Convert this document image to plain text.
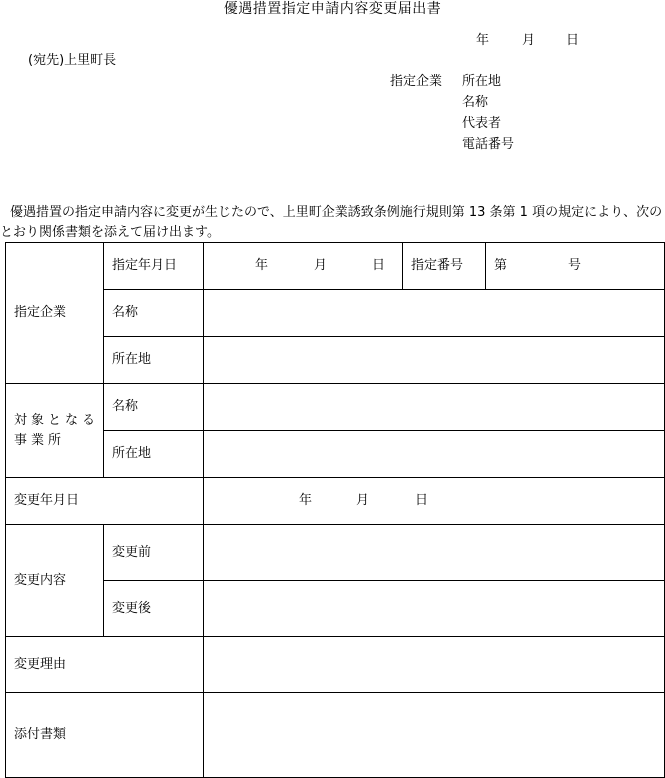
優遇措置指定申請内容変更届出書
年	月 日
(宛先)上里町長
指定企業 所在地
名称
代表者
電話番号
優遇措置の指定申請内容に変更が生じたので、上里町企業誘致条例施行規則第 13 条第 1 項の規定により、次のとおり関係書類を添えて届け出ます。
指定企業	指定年月日	年 月 日	指定番号	第 号

	名称			
	所在地			
対象となる事業所	名称			
	所在地			
変更年月日		年 月 日		

変更内容	変更前			
	変更後			
変更理由				
添付書類				
